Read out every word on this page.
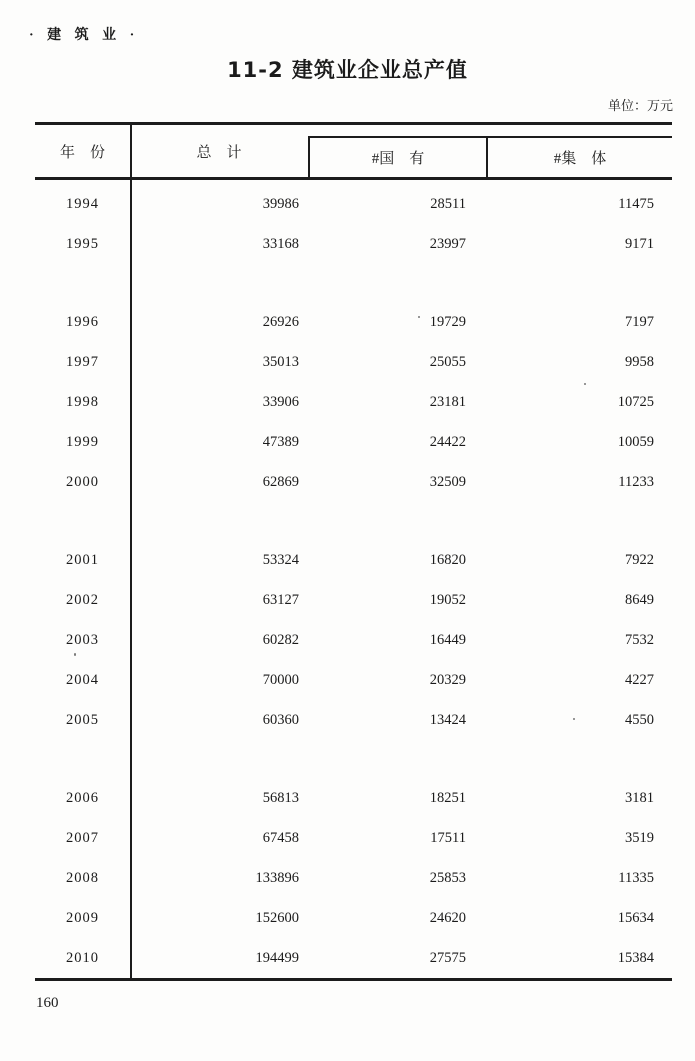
· 建 筑 业 ·
11-2 建筑业企业总产值
单位：万元
年　份	总　计	#国　有	#集　体
1994	39986	28511	11475
1995	33168	23997	9171
1996	26926	19729	7197
1997	35013	25055	9958
1998	33906	23181	10725
1999	47389	24422	10059
2000	62869	32509	11233
2001	53324	16820	7922
2002	63127	19052	8649
2003	60282	16449	7532
2004	70000	20329	4227
2005	60360	13424	4550
2006	56813	18251	3181
2007	67458	17511	3519
2008	133896	25853	11335
2009	152600	24620	15634
2010	194499	27575	15384
160
